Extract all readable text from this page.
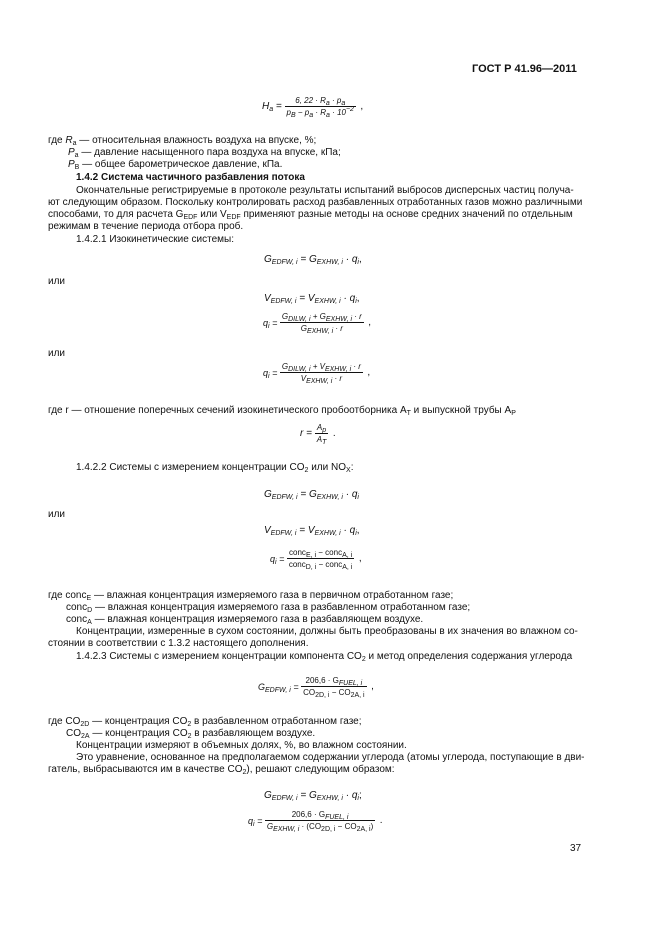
ГОСТ Р 41.96—2011
$H_a = \frac{6, 22 \cdot R_a \cdot p_a}{p_B - p_a \cdot R_a \cdot 10^{-2}}$ ,
где $R_a$ — относительная влажность воздуха на впуске, %;
$P_a$ — давление насыщенного пара воздуха на впуске, кПа;
$P_B$ — общее барометрическое давление, кПа.
1.4.2 Система частичного разбавления потока
Окончательные регистрируемые в протоколе результаты испытаний выбросов дисперсных частиц получа-
ют следующим образом. Поскольку контролировать расход разбавленных отработанных газов можно различными
способами, то для расчета $G_{EDF}$ или $V_{EDF}$ применяют разные методы на основе средних значений по отдельным
режимам в течение периода отбора проб.
1.4.2.1 Изокинетические системы:
$G_{EDFW, i} = G_{EXHW, i} \cdot q_i$,
или
$V_{EDFW, i} = V_{EXHW, i} \cdot q_i$,
$q_i = \frac{G_{DILW, i} + G_{EXHW, i} \cdot r}{G_{EXHW, i} \cdot r}$ ,
или
$q_i = \frac{G_{DILW, i} + V_{EXHW, i} \cdot r}{V_{EXHW, i} \cdot r}$ ,
где r — отношение поперечных сечений изокинетического пробоотборника $A_T$ и выпускной трубы $A_P$
$r = \frac{A_p}{A_T}$ .
1.4.2.2 Системы с измерением концентрации $CO_2$ или $NO_X$:
$G_{EDFW, i} = G_{EXHW, i} \cdot q_i$
или
$V_{EDFW, i} = V_{EXHW, i} \cdot q_i$,
$q_i = \frac{conc_{E, i} - conc_{A, i}}{conc_{D, i} - conc_{A, i}}$ ,
где conc$_E$ — влажная концентрация измеряемого газа в первичном отработанном газе;
conc$_D$ — влажная концентрация измеряемого газа в разбавленном отработанном газе;
conc$_A$ — влажная концентрация измеряемого газа в разбавляющем воздухе.
Концентрации, измеренные в сухом состоянии, должны быть преобразованы в их значения во влажном со-
стоянии в соответствии с 1.3.2 настоящего дополнения.
1.4.2.3 Системы с измерением концентрации компонента $CO_2$ и метод определения содержания углерода
$G_{EDFW, i} = \frac{206,6 \cdot G_{FUEL, i}}{CO_{2D, i} - CO_{2A, i}}$ ,
где $CO_{2D}$ — концентрация $CO_2$ в разбавленном отработанном газе;
$CO_{2A}$ — концентрация $CO_2$ в разбавляющем воздухе.
Концентрации измеряют в объемных долях, %, во влажном состоянии.
Это уравнение, основанное на предполагаемом содержании углерода (атомы углерода, поступающие в дви-
гатель, выбрасываются им в качестве $CO_2$), решают следующим образом:
$G_{EDFW, i} = G_{EXHW, i} \cdot q_i$;
$q_i = \frac{206,6 \cdot G_{FUEL, i}}{G_{EXHW, i} \cdot (CO_{2D, i} - CO_{2A, i})}$ .
37
